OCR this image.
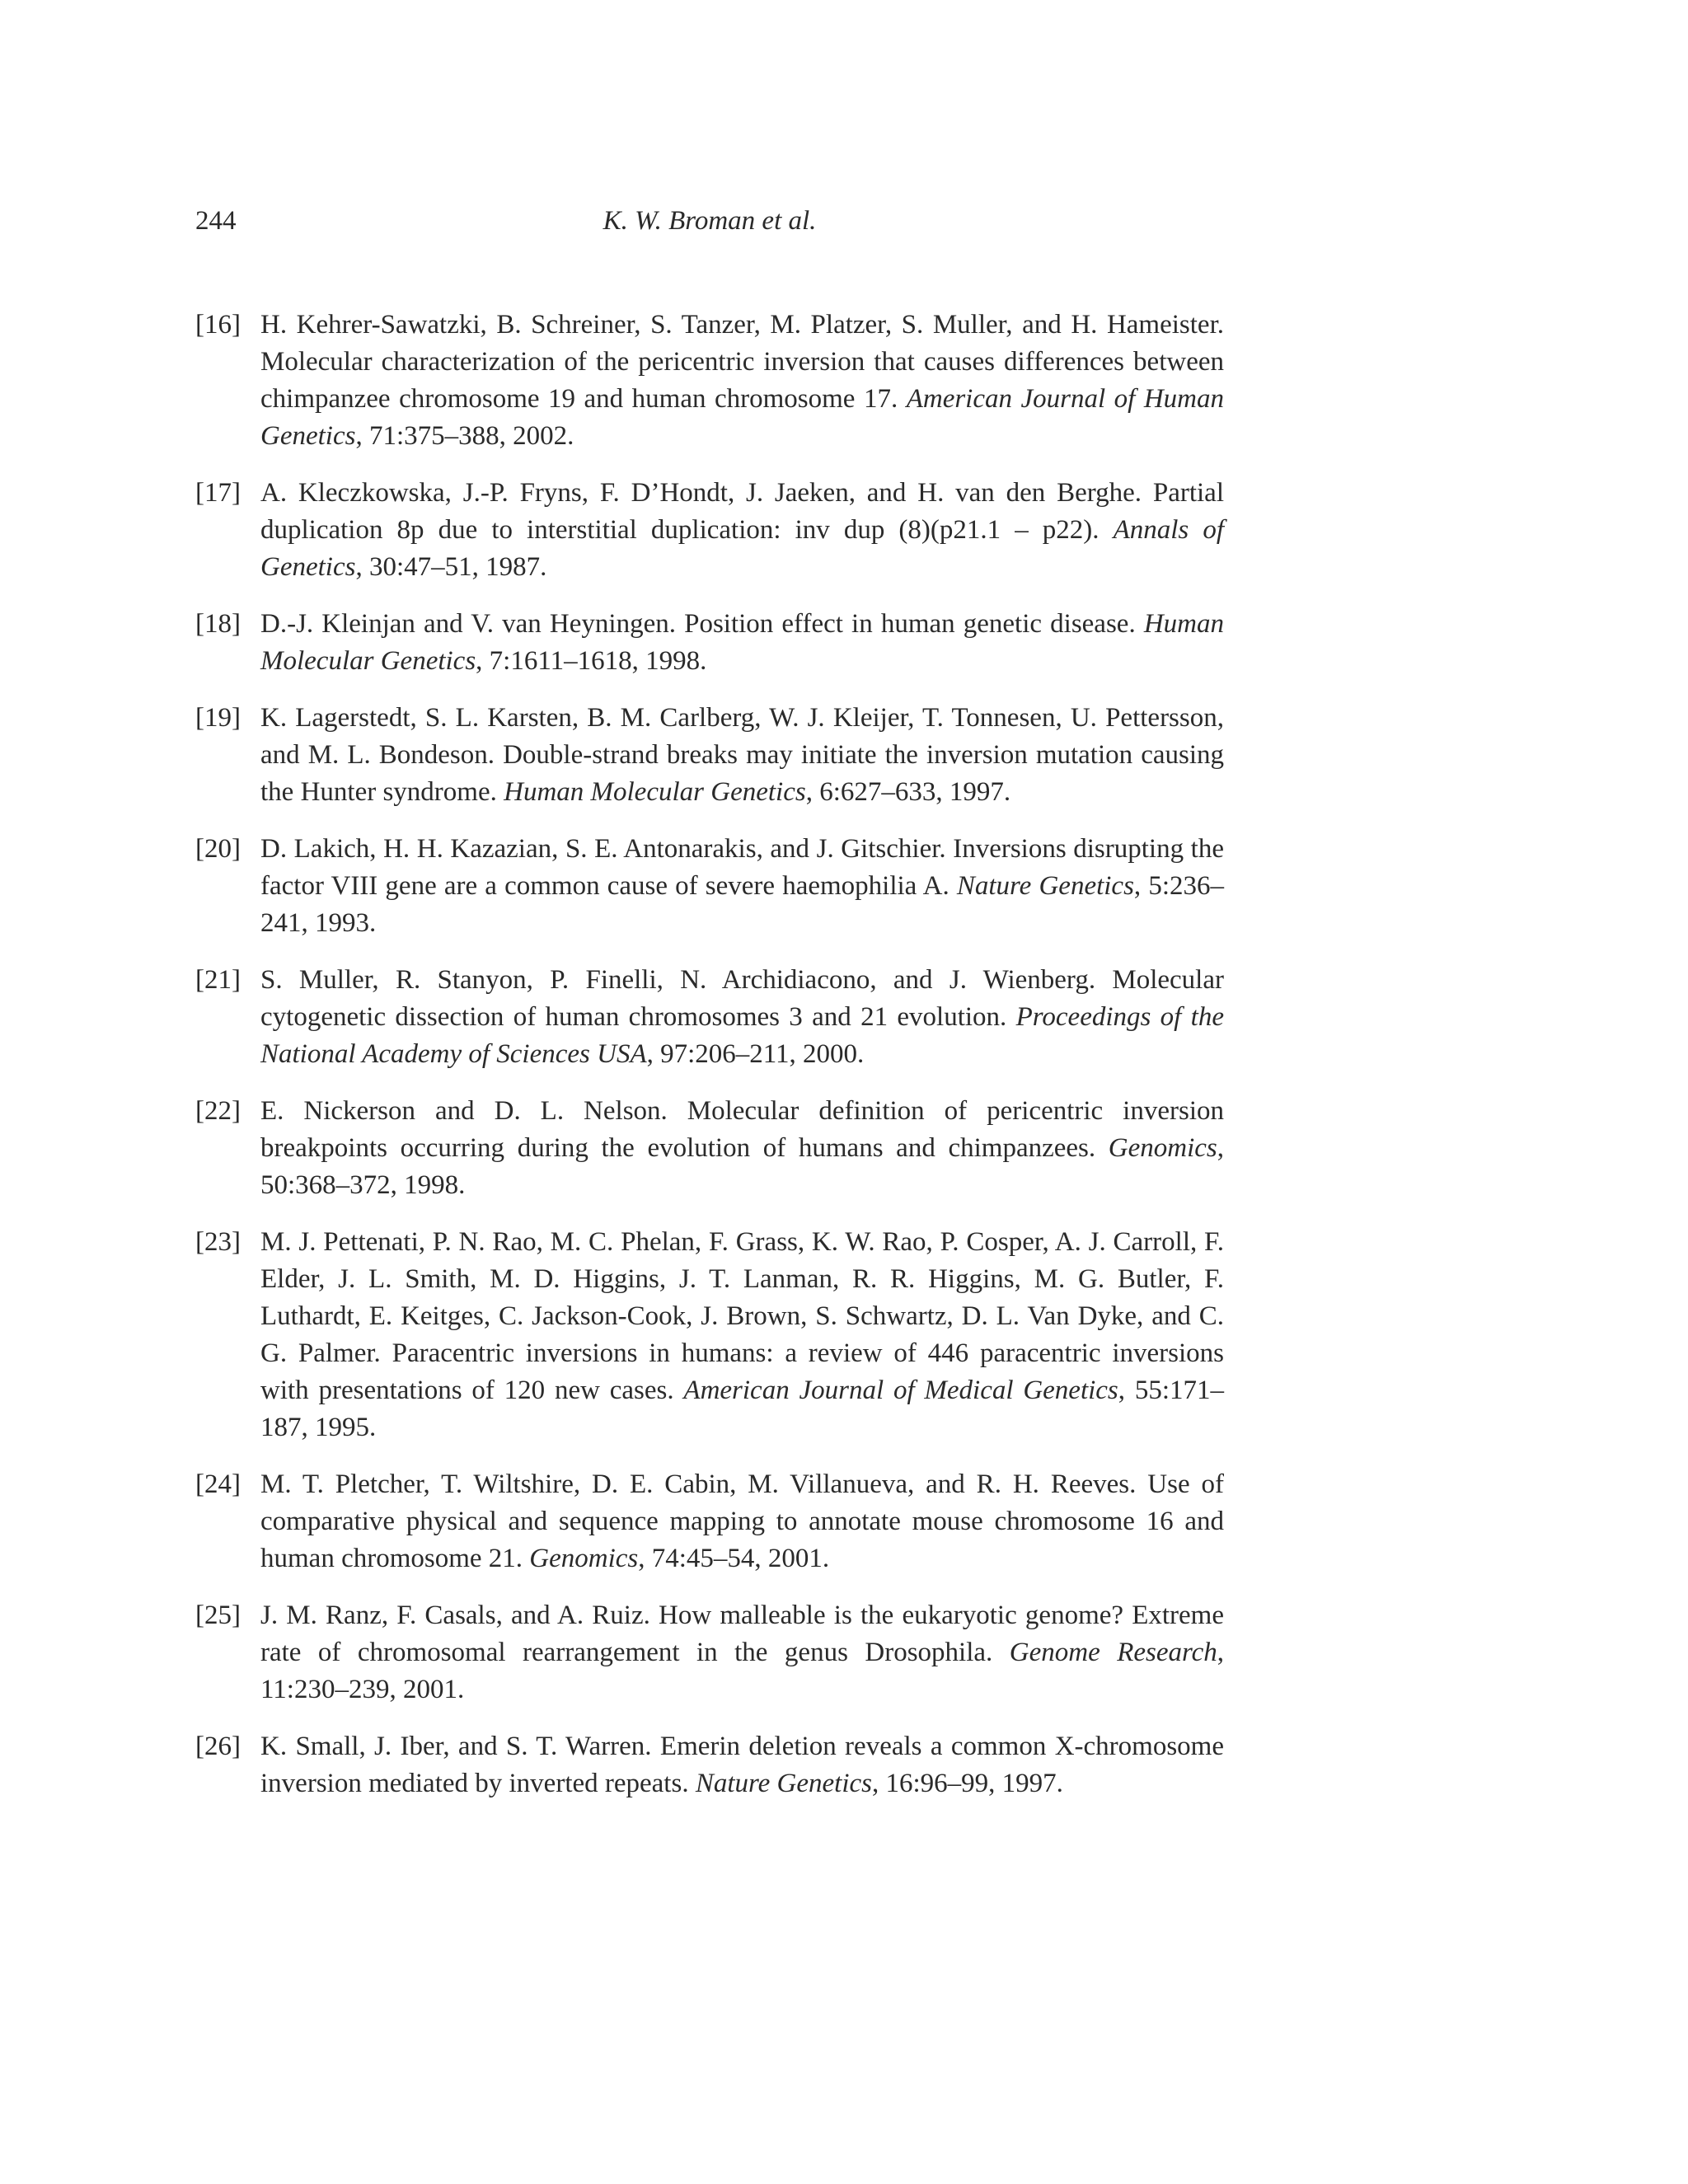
244	K. W. Broman et al.
[16] H. Kehrer-Sawatzki, B. Schreiner, S. Tanzer, M. Platzer, S. Muller, and H. Hameister. Molecular characterization of the pericentric inversion that causes differences between chimpanzee chromosome 19 and human chromosome 17. American Journal of Human Genetics, 71:375–388, 2002.
[17] A. Kleczkowska, J.-P. Fryns, F. D’Hondt, J. Jaeken, and H. van den Berghe. Partial duplication 8p due to interstitial duplication: inv dup (8)(p21.1 – p22). Annals of Genetics, 30:47–51, 1987.
[18] D.-J. Kleinjan and V. van Heyningen. Position effect in human genetic disease. Human Molecular Genetics, 7:1611–1618, 1998.
[19] K. Lagerstedt, S. L. Karsten, B. M. Carlberg, W. J. Kleijer, T. Tonnesen, U. Pettersson, and M. L. Bondeson. Double-strand breaks may initiate the inversion mutation causing the Hunter syndrome. Human Molecular Genetics, 6:627–633, 1997.
[20] D. Lakich, H. H. Kazazian, S. E. Antonarakis, and J. Gitschier. Inversions disrupting the factor VIII gene are a common cause of severe haemophilia A. Nature Genetics, 5:236–241, 1993.
[21] S. Muller, R. Stanyon, P. Finelli, N. Archidiacono, and J. Wienberg. Molecular cytogenetic dissection of human chromosomes 3 and 21 evolution. Proceedings of the National Academy of Sciences USA, 97:206–211, 2000.
[22] E. Nickerson and D. L. Nelson. Molecular definition of pericentric inversion breakpoints occurring during the evolution of humans and chimpanzees. Genomics, 50:368–372, 1998.
[23] M. J. Pettenati, P. N. Rao, M. C. Phelan, F. Grass, K. W. Rao, P. Cosper, A. J. Carroll, F. Elder, J. L. Smith, M. D. Higgins, J. T. Lanman, R. R. Higgins, M. G. Butler, F. Luthardt, E. Keitges, C. Jackson-Cook, J. Brown, S. Schwartz, D. L. Van Dyke, and C. G. Palmer. Paracentric inversions in humans: a review of 446 paracentric inversions with presentations of 120 new cases. American Journal of Medical Genetics, 55:171–187, 1995.
[24] M. T. Pletcher, T. Wiltshire, D. E. Cabin, M. Villanueva, and R. H. Reeves. Use of comparative physical and sequence mapping to annotate mouse chromosome 16 and human chromosome 21. Genomics, 74:45–54, 2001.
[25] J. M. Ranz, F. Casals, and A. Ruiz. How malleable is the eukaryotic genome? Extreme rate of chromosomal rearrangement in the genus Drosophila. Genome Research, 11:230–239, 2001.
[26] K. Small, J. Iber, and S. T. Warren. Emerin deletion reveals a common X-chromosome inversion mediated by inverted repeats. Nature Genetics, 16:96–99, 1997.
